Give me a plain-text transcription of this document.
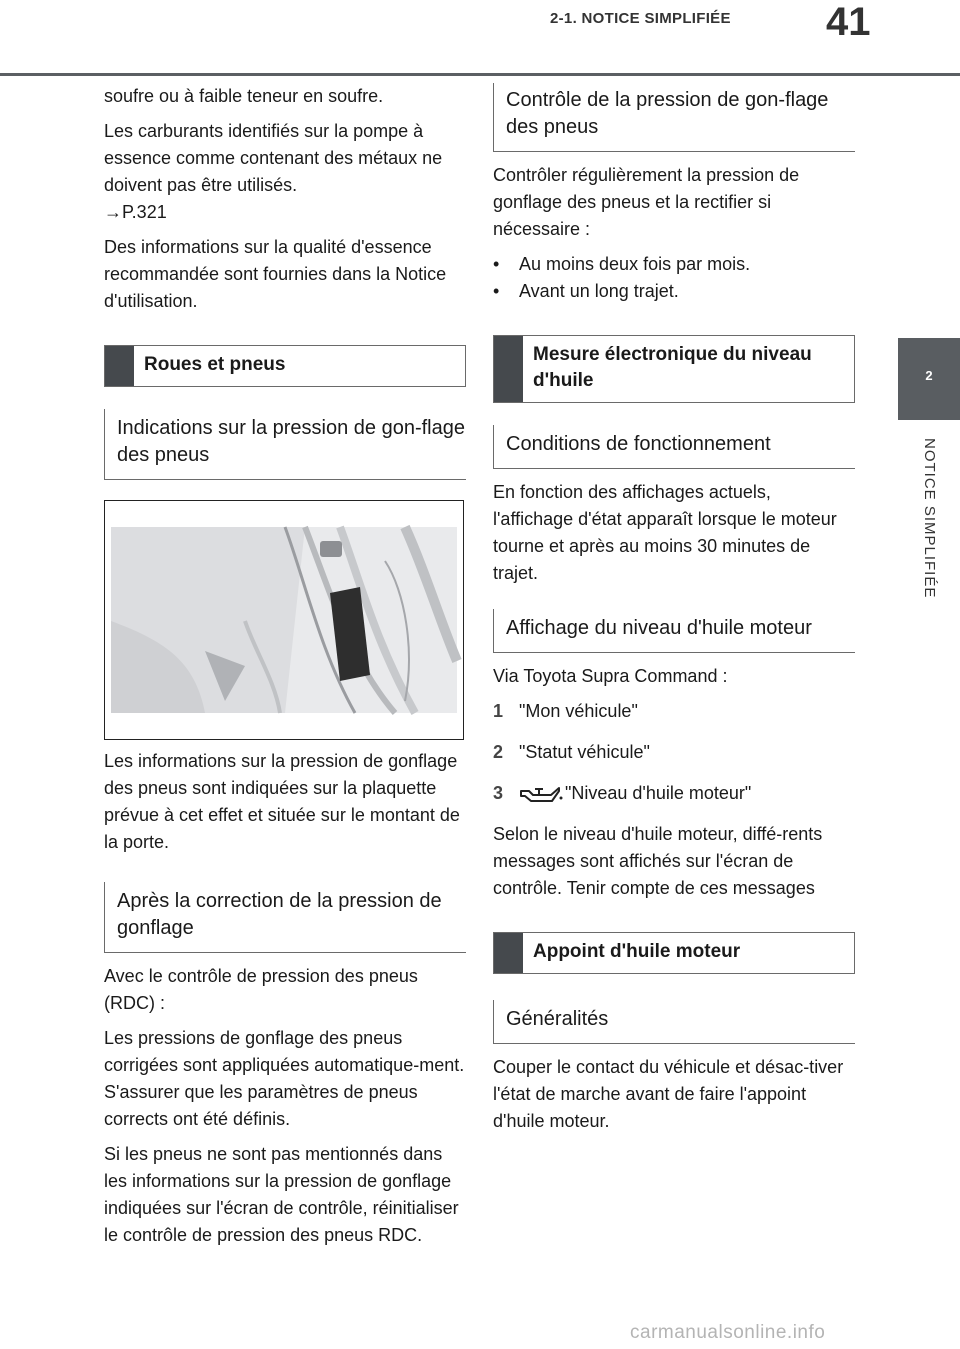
2-1. NOTICE SIMPLIFIÉE	41
2
NOTICE SIMPLIFIÉE

soufre ou à faible teneur en soufre.

Les carburants identifiés sur la pompe à essence comme contenant des métaux ne doivent pas être utilisés.

→P.321

Des informations sur la qualité d'essence recommandée sont fournies dans la Notice d'utilisation.

Roues et pneus
Indications sur la pression de gon-flage des pneus

Les informations sur la pression de gonflage des pneus sont indiquées sur la plaquette prévue à cet effet et située sur le montant de la porte.

Après la correction de la pression de gonflage

Avec le contrôle de pression des pneus (RDC) :

Les pressions de gonflage des pneus corrigées sont appliquées automatique-ment. S'assurer que les paramètres de pneus corrects ont été définis.

Si les pneus ne sont pas mentionnés dans les informations sur la pression de gonflage indiquées sur l'écran de contrôle, réinitialiser le contrôle de pression des pneus RDC.

Contrôle de la pression de gon-flage des pneus

Contrôler régulièrement la pression de gonflage des pneus et la rectifier si nécessaire :

•	Au moins deux fois par mois.
•	Avant un long trajet.
Mesure électronique du niveau d'huile
Conditions de fonctionnement

En fonction des affichages actuels, l'affichage d'état apparaît lorsque le moteur tourne et après au moins 30 minutes de trajet.

Affichage du niveau d'huile moteur

Via Toyota Supra Command :

1 "Mon véhicule"
2 "Statut véhicule"
3	"Niveau d'huile moteur"

Selon le niveau d'huile moteur, diffé-rents messages sont affichés sur l'écran de contrôle. Tenir compte de ces messages

Appoint d'huile moteur
Généralités

Couper le contact du véhicule et désac-tiver l'état de marche avant de faire l'appoint d'huile moteur.

carmanualsonline.info
